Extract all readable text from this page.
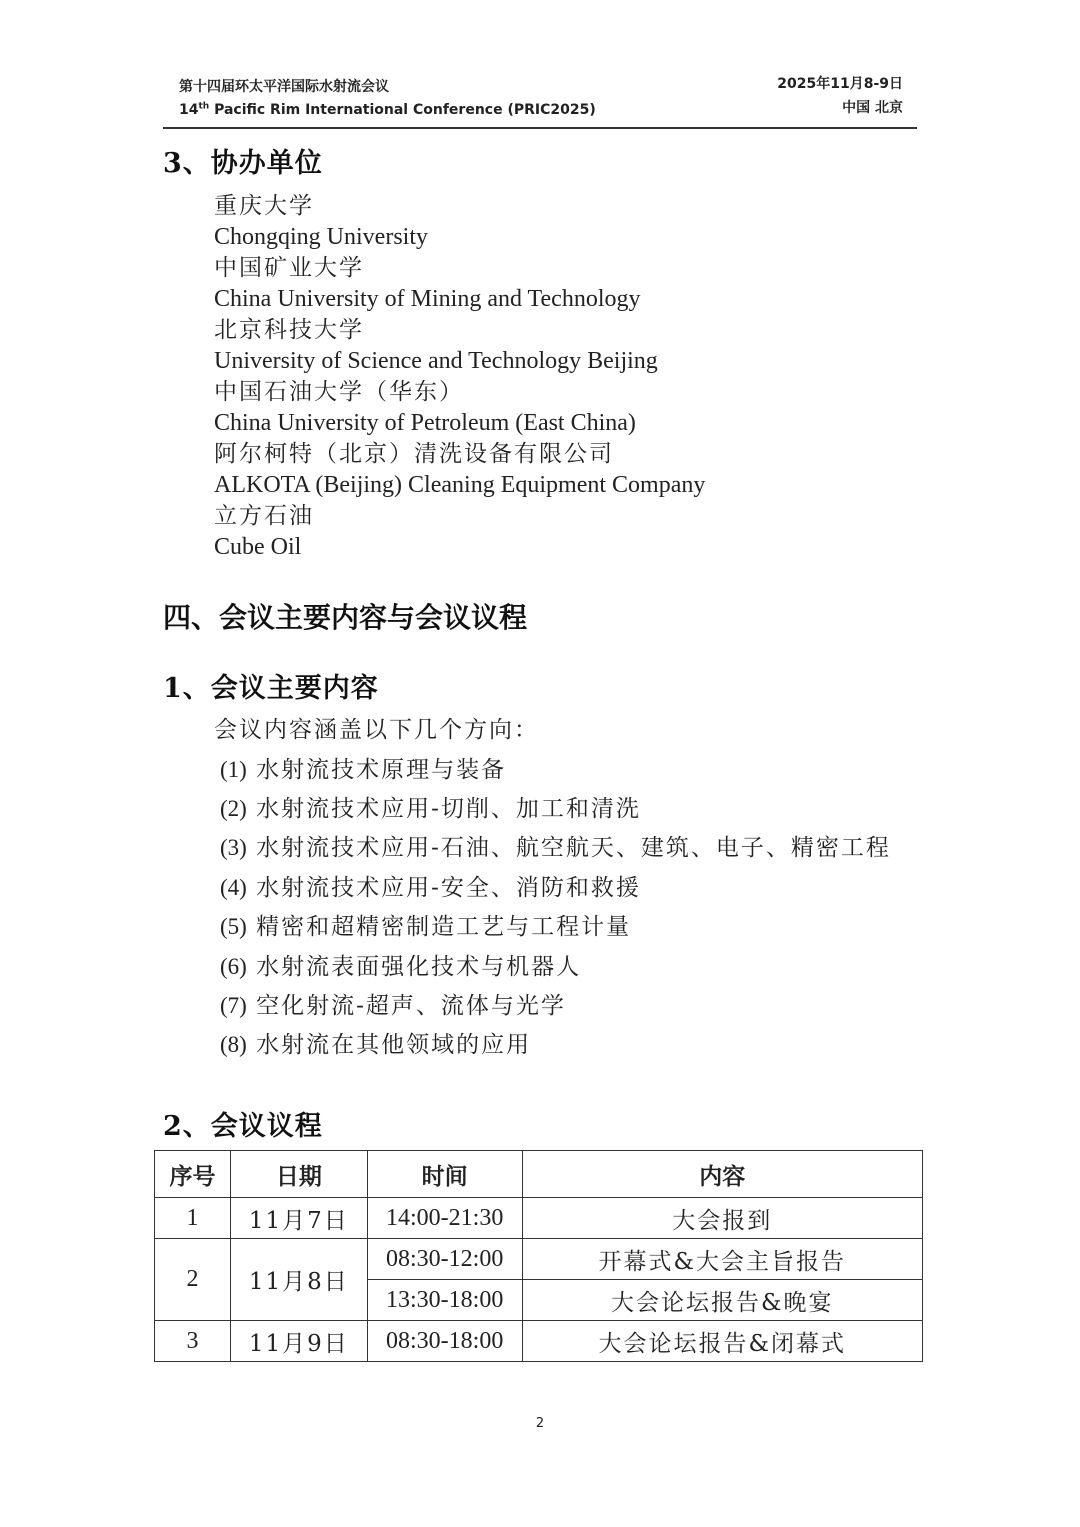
第十四届环太平洋国际水射流会议
14th Pacific Rim International Conference (PRIC2025)
2025年11月8-9日
中国 北京
3、协办单位
重庆大学
Chongqing University
中国矿业大学
China University of Mining and Technology
北京科技大学
University of Science and Technology Beijing
中国石油大学（华东）
China University of Petroleum (East China)
阿尔柯特（北京）清洗设备有限公司
ALKOTA (Beijing) Cleaning Equipment Company
立方石油
Cube Oil
四、会议主要内容与会议议程
1、会议主要内容
会议内容涵盖以下几个方向：
(1) 水射流技术原理与装备
(2) 水射流技术应用-切削、加工和清洗
(3) 水射流技术应用-石油、航空航天、建筑、电子、精密工程
(4) 水射流技术应用-安全、消防和救援
(5) 精密和超精密制造工艺与工程计量
(6) 水射流表面强化技术与机器人
(7) 空化射流-超声、流体与光学
(8) 水射流在其他领域的应用
2、会议议程
序号	日期	时间	内容
1	11月7日	14:00-21:30	大会报到
2	11月8日	08:30-12:00	开幕式&大会主旨报告
		13:30-18:00	大会论坛报告&晚宴
3	11月9日	08:30-18:00	大会论坛报告&闭幕式
2
